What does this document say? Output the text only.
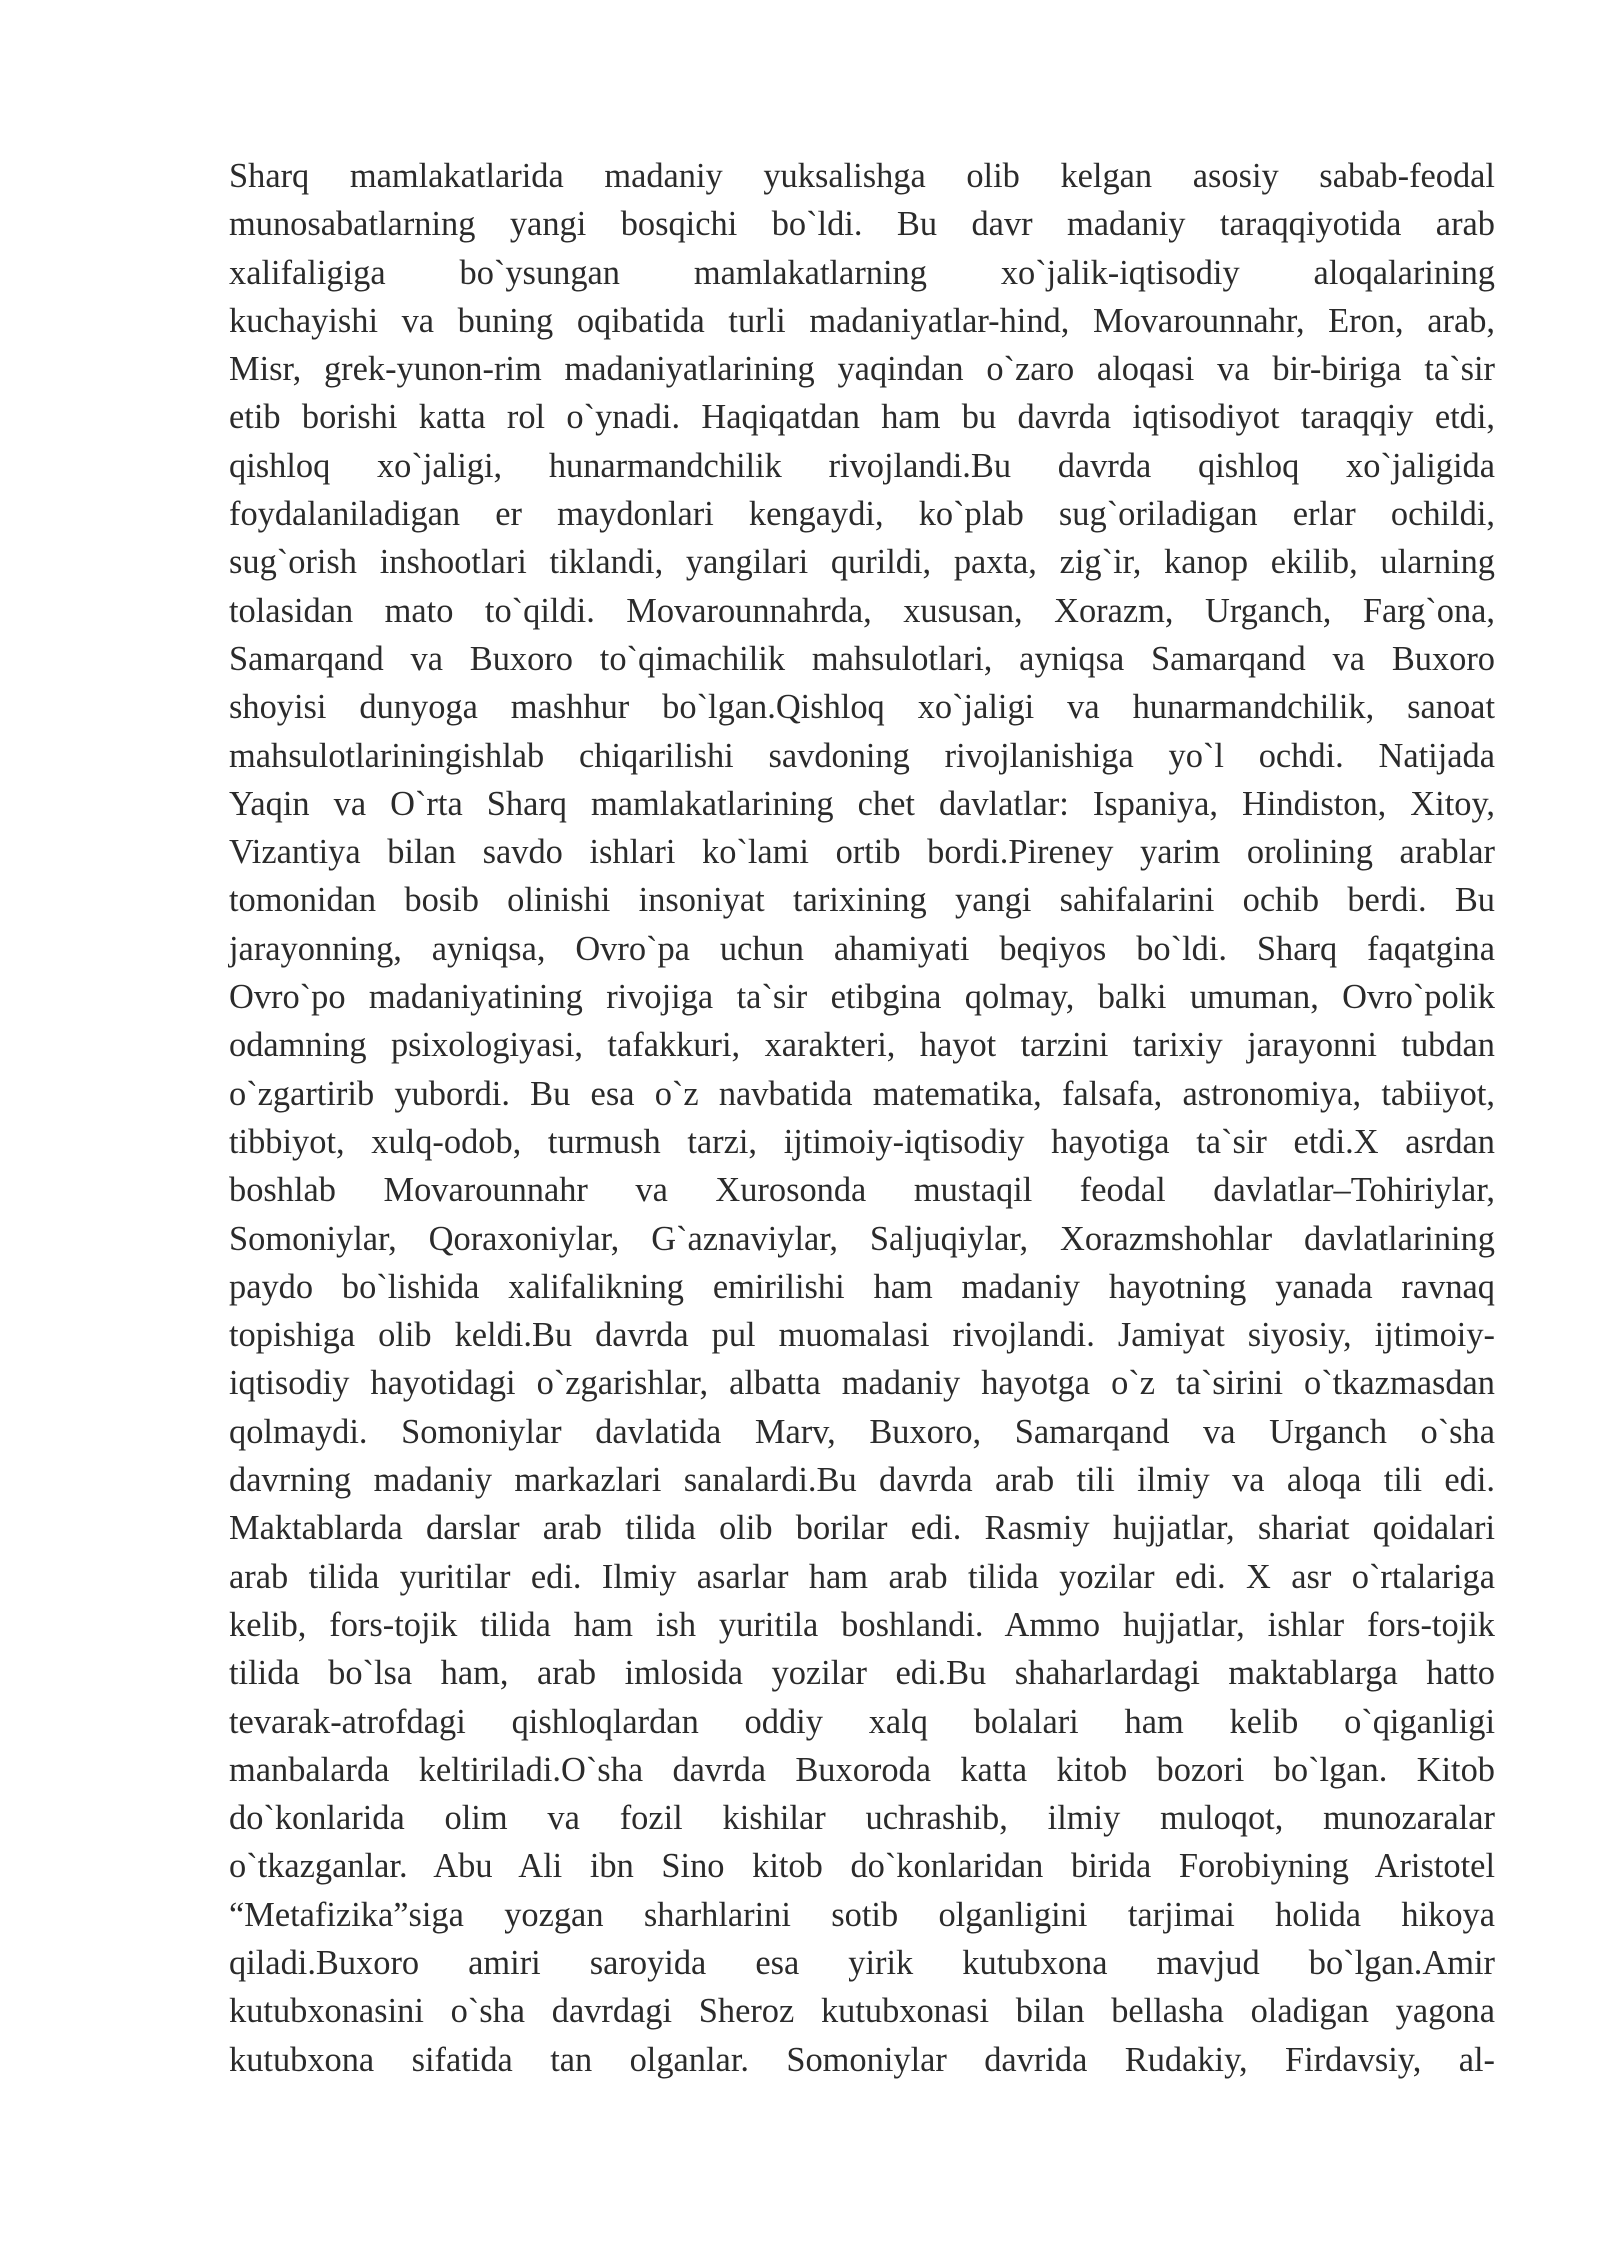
Sharq mamlakatlarida madaniy yuksalishga olib kelgan asosiy sabab-feodal
munosabatlarning yangi bosqichi bo`ldi. Bu davr madaniy taraqqiyotida arab
xalifaligiga bo`ysungan mamlakatlarning xo`jalik-iqtisodiy aloqalarining
kuchayishi va buning oqibatida turli madaniyatlar-hind, Movarounnahr, Eron, arab,
Misr, grek-yunon-rim madaniyatlarining yaqindan o`zaro aloqasi va bir-biriga ta`sir
etib borishi katta rol o`ynadi. Haqiqatdan ham bu davrda iqtisodiyot taraqqiy etdi,
qishloq xo`jaligi, hunarmandchilik rivojlandi.Bu davrda qishloq xo`jaligida
foydalaniladigan er maydonlari kengaydi, ko`plab sug`oriladigan erlar ochildi,
sug`orish inshootlari tiklandi, yangilari qurildi, paxta, zig`ir, kanop ekilib, ularning
tolasidan mato to`qildi. Movarounnahrda, xususan, Xorazm, Urganch, Farg`ona,
Samarqand va Buxoro to`qimachilik mahsulotlari, ayniqsa Samarqand va Buxoro
shoyisi dunyoga mashhur bo`lgan.Qishloq xo`jaligi va hunarmandchilik, sanoat
mahsulotlariningishlab chiqarilishi savdoning rivojlanishiga yo`l ochdi. Natijada
Yaqin va O`rta Sharq mamlakatlarining chet davlatlar: Ispaniya, Hindiston, Xitoy,
Vizantiya bilan savdo ishlari ko`lami ortib bordi.Pireney yarim orolining arablar
tomonidan bosib olinishi insoniyat tarixining yangi sahifalarini ochib berdi. Bu
jarayonning, ayniqsa, Ovro`pa uchun ahamiyati beqiyos bo`ldi. Sharq faqatgina
Ovro`po madaniyatining rivojiga ta`sir etibgina qolmay, balki umuman, Ovro`polik
odamning psixologiyasi, tafakkuri, xarakteri, hayot tarzini tarixiy jarayonni tubdan
o`zgartirib yubordi. Bu esa o`z navbatida matematika, falsafa, astronomiya, tabiiyot,
tibbiyot, xulq-odob, turmush tarzi, ijtimoiy-iqtisodiy hayotiga ta`sir etdi.X asrdan
boshlab Movarounnahr va Xurosonda mustaqil feodal davlatlar–Tohiriylar,
Somoniylar, Qoraxoniylar, G`aznaviylar, Saljuqiylar, Xorazmshohlar davlatlarining
paydo bo`lishida xalifalikning emirilishi ham madaniy hayotning yanada ravnaq
topishiga olib keldi.Bu davrda pul muomalasi rivojlandi. Jamiyat siyosiy, ijtimoiy-
iqtisodiy hayotidagi o`zgarishlar, albatta madaniy hayotga o`z ta`sirini o`tkazmasdan
qolmaydi. Somoniylar davlatida Marv, Buxoro, Samarqand va Urganch o`sha
davrning madaniy markazlari sanalardi.Bu davrda arab tili ilmiy va aloqa tili edi.
Maktablarda darslar arab tilida olib borilar edi. Rasmiy hujjatlar, shariat qoidalari
arab tilida yuritilar edi. Ilmiy asarlar ham arab tilida yozilar edi. X asr o`rtalariga
kelib, fors-tojik tilida ham ish yuritila boshlandi. Ammo hujjatlar, ishlar fors-tojik
tilida bo`lsa ham, arab imlosida yozilar edi.Bu shaharlardagi maktablarga hatto
tevarak-atrofdagi qishloqlardan oddiy xalq bolalari ham kelib o`qiganligi
manbalarda keltiriladi.O`sha davrda Buxoroda katta kitob bozori bo`lgan. Kitob
do`konlarida olim va fozil kishilar uchrashib, ilmiy muloqot, munozaralar
o`tkazganlar. Abu Ali ibn Sino kitob do`konlaridan birida Forobiyning Aristotel
“Metafizika”siga yozgan sharhlarini sotib olganligini tarjimai holida hikoya
qiladi.Buxoro amiri saroyida esa yirik kutubxona mavjud bo`lgan.Amir
kutubxonasini o`sha davrdagi Sheroz kutubxonasi bilan bellasha oladigan yagona
kutubxona sifatida tan olganlar. Somoniylar davrida Rudakiy, Firdavsiy, al-
